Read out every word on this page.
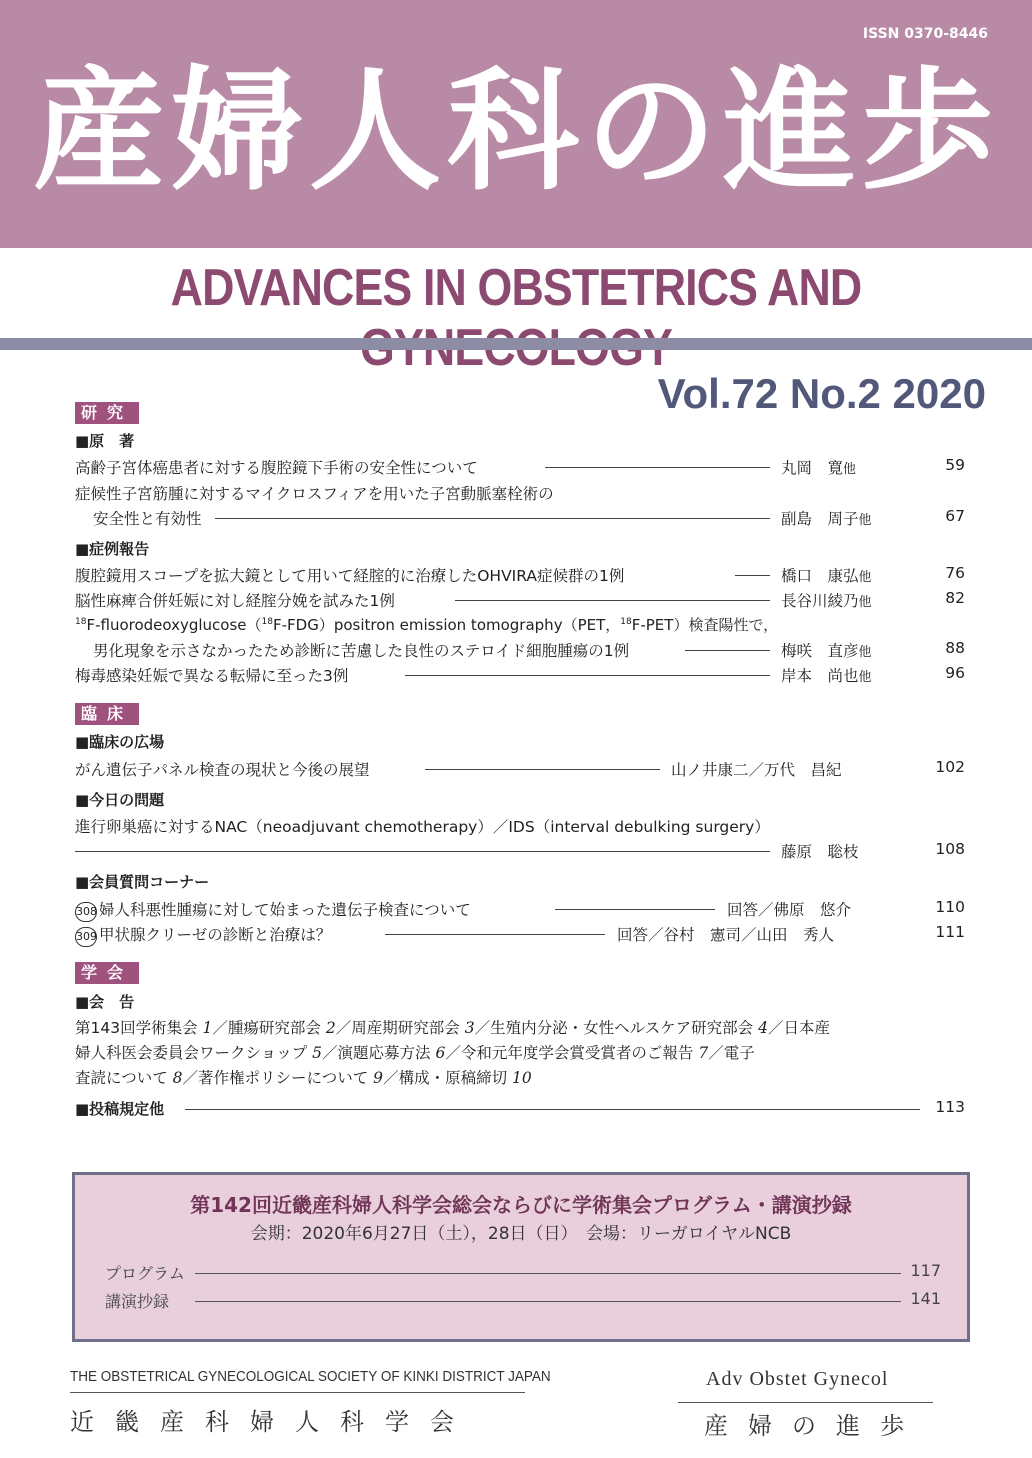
ISSN 0370-8446
産婦人科の進歩
ADVANCES IN OBSTETRICS AND
Vol.72 No.2 2020
研究
■原　著
高齢子宮体癌患者に対する腹腔鏡下手術の安全性について	丸岡　寛他	59
症候性子宮筋腫に対するマイクロスフィアを用いた子宮動脈塞栓術の
安全性と有効性	副島　周子他	67
■症例報告
腹腔鏡用スコープを拡大鏡として用いて経腟的に治療したOHVIRA症候群の1例	橋口　康弘他	76
脳性麻痺合併妊娠に対し経腟分娩を試みた1例	長谷川綾乃他	82
$^{18}$F-fluorodeoxyglucose（$^{18}$F-FDG）positron emission tomography（PET，$^{18}$F-PET）検査陽性で，
男化現象を示さなかったため診断に苦慮した良性のステロイド細胞腫瘍の1例	梅咲　直彦他	88
梅毒感染妊娠で異なる転帰に至った3例	岸本　尚也他	96
臨床
■臨床の広場
がん遺伝子パネル検査の現状と今後の展望	山ノ井康二／万代　昌紀	102
■今日の問題
進行卵巣癌に対するNAC（neoadjuvant chemotherapy）／IDS（interval debulking surgery）
藤原　聡枝	108
■会員質問コーナー
308 婦人科悪性腫瘍に対して始まった遺伝子検査について	回答／佛原　悠介	110
309 甲状腺クリーゼの診断と治療は？	回答／谷村　憲司／山田　秀人	111
学会
■会　告
第143回学術集会 1／腫瘍研究部会 2／周産期研究部会 3／生殖内分泌・女性ヘルスケア研究部会 4／日本産
婦人科医会委員会ワークショップ 5／演題応募方法 6／令和元年度学会賞受賞者のご報告 7／電子
査読について 8／著作権ポリシーについて 9／構成・原稿締切 10
■投稿規定他	113
第142回近畿産科婦人科学会総会ならびに学術集会プログラム・講演抄録
会期：2020年6月27日（土），28日（日）　会場：リーガロイヤルNCB
プログラム	117
講演抄録	141
THE OBSTETRICAL GYNECOLOGICAL SOCIETY OF KINKI DISTRICT JAPAN
近畿産科婦人科学会
Adv Obstet Gynecol
産婦の進歩
